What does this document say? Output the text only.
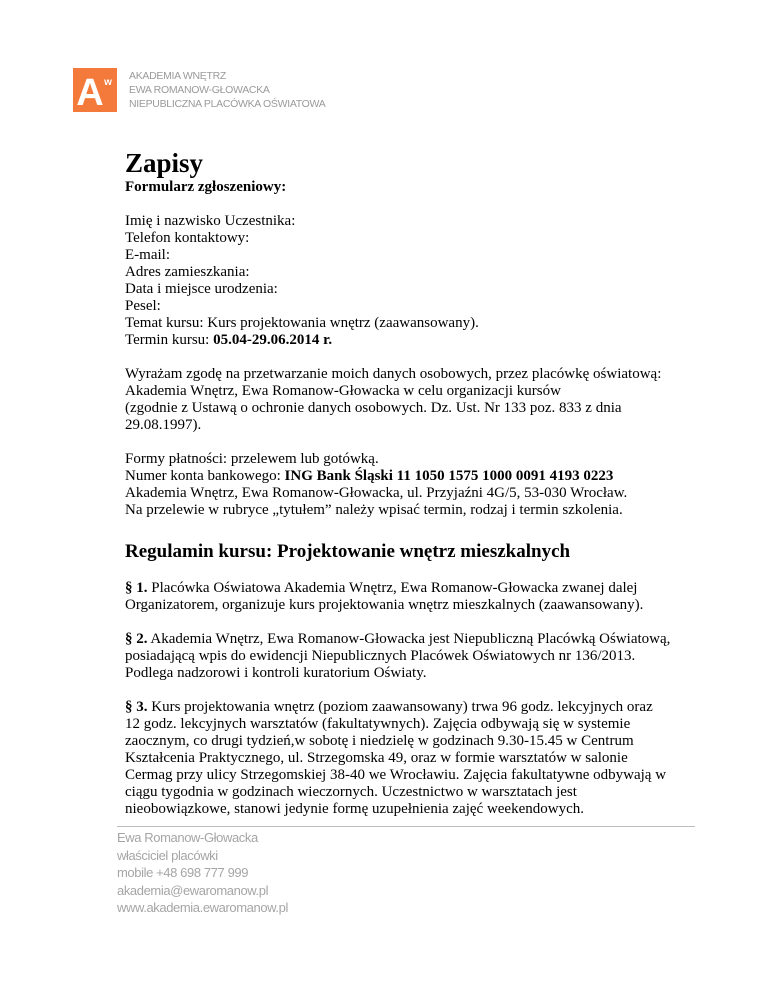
A w
AKADEMIA WNĘTRZ
EWA ROMANOW-GŁOWACKA
NIEPUBLICZNA PLACÓWKA OŚWIATOWA
Zapisy
Formularz zgłoszeniowy:
Imię i nazwisko Uczestnika:
Telefon kontaktowy:
E-mail:
Adres zamieszkania:
Data i miejsce urodzenia:
Pesel:
Temat kursu: Kurs projektowania wnętrz (zaawansowany).
Termin kursu: 05.04-29.06.2014 r.
Wyrażam zgodę na przetwarzanie moich danych osobowych, przez placówkę oświatową:
Akademia Wnętrz, Ewa Romanow-Głowacka w celu organizacji kursów
(zgodnie z Ustawą o ochronie danych osobowych. Dz. Ust. Nr 133 poz. 833 z dnia
29.08.1997).
Formy płatności: przelewem lub gotówką.
Numer konta bankowego: ING Bank Śląski 11 1050 1575 1000 0091 4193 0223
Akademia Wnętrz, Ewa Romanow-Głowacka, ul. Przyjaźni 4G/5, 53-030 Wrocław.
Na przelewie w rubryce „tytułem” należy wpisać termin, rodzaj i termin szkolenia.
Regulamin kursu: Projektowanie wnętrz mieszkalnych
§ 1. Placówka Oświatowa Akademia Wnętrz, Ewa Romanow-Głowacka zwanej dalej
Organizatorem, organizuje kurs projektowania wnętrz mieszkalnych (zaawansowany).
§ 2. Akademia Wnętrz, Ewa Romanow-Głowacka jest Niepubliczną Placówką Oświatową,
posiadającą wpis do ewidencji Niepublicznych Placówek Oświatowych nr 136/2013.
Podlega nadzorowi i kontroli kuratorium Oświaty.
§ 3. Kurs projektowania wnętrz (poziom zaawansowany) trwa 96 godz. lekcyjnych oraz
12 godz. lekcyjnych warsztatów (fakultatywnych). Zajęcia odbywają się w systemie
zaocznym, co drugi tydzień,w sobotę i niedzielę w godzinach 9.30-15.45 w Centrum
Kształcenia Praktycznego, ul. Strzegomska 49, oraz w formie warsztatów w salonie
Cermag przy ulicy Strzegomskiej 38-40 we Wrocławiu. Zajęcia fakultatywne odbywają w
ciągu tygodnia w godzinach wieczornych. Uczestnictwo w warsztatach jest
nieobowiązkowe, stanowi jedynie formę uzupełnienia zajęć weekendowych.
Ewa Romanow-Głowacka
właściciel placówki
mobile +48 698 777 999
akademia@ewaromanow.pl
www.akademia.ewaromanow.pl
